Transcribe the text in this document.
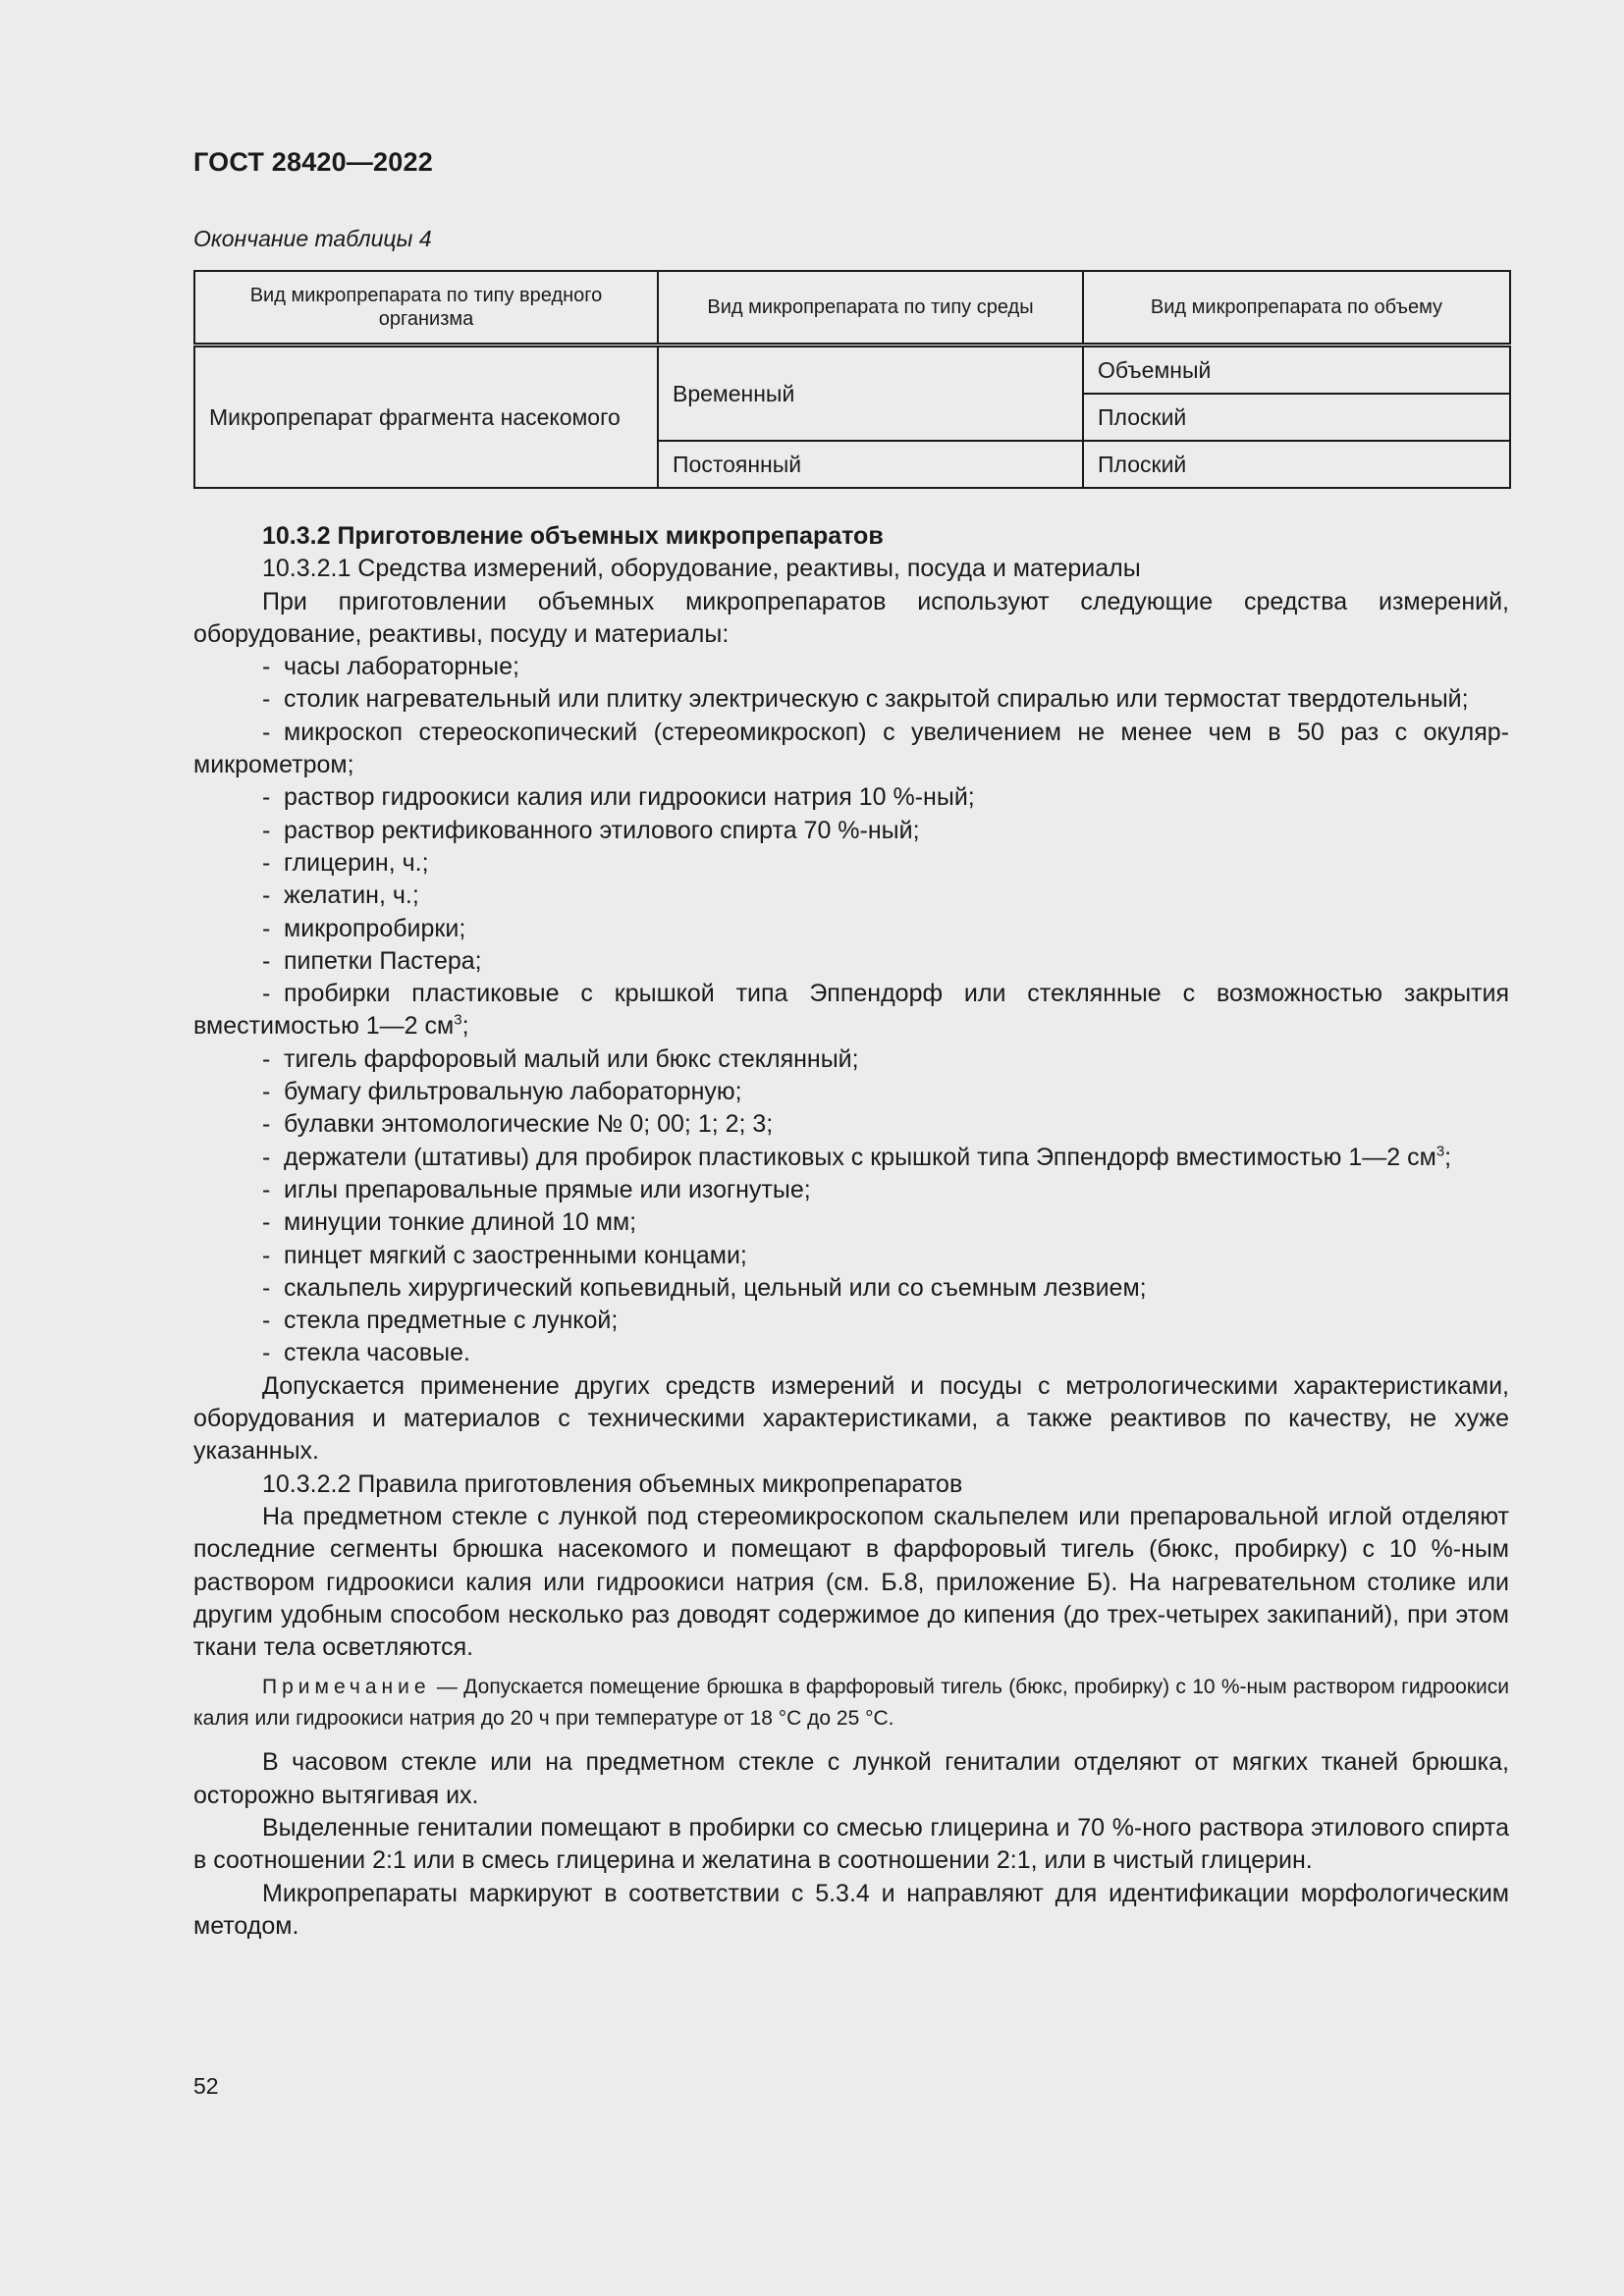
ГОСТ 28420—2022
Окончание таблицы 4
Вид микропрепарата по типу вредного организма	Вид микропрепарата по типу среды	Вид микропрепарата по объему
Микропрепарат фрагмента насекомого	Временный	Объемный
		Плоский
	Постоянный	Плоский

10.3.2 Приготовление объемных микропрепаратов

10.3.2.1 Средства измерений, оборудование, реактивы, посуда и материалы

При приготовлении объемных микропрепаратов используют следующие средства измерений, оборудование, реактивы, посуду и материалы:

- часы лабораторные;

- столик нагревательный или плитку электрическую с закрытой спиралью или термостат твердотельный;

- микроскоп стереоскопический (стереомикроскоп) с увеличением не менее чем в 50 раз с окуляр-микрометром;

- раствор гидроокиси калия или гидроокиси натрия 10 %-ный;

- раствор ректификованного этилового спирта 70 %-ный;

- глицерин, ч.;

- желатин, ч.;

- микропробирки;

- пипетки Пастера;

- пробирки пластиковые с крышкой типа Эппендорф или стеклянные с возможностью закрытия вместимостью 1—2 $см^3$;

- тигель фарфоровый малый или бюкс стеклянный;

- бумагу фильтровальную лабораторную;

- булавки энтомологические № 0; 00; 1; 2; 3;

- держатели (штативы) для пробирок пластиковых с крышкой типа Эппендорф вместимостью 1—2 $см^3$;

- иглы препаровальные прямые или изогнутые;

- минуции тонкие длиной 10 мм;

- пинцет мягкий с заостренными концами;

- скальпель хирургический копьевидный, цельный или со съемным лезвием;

- стекла предметные с лункой;

- стекла часовые.

Допускается применение других средств измерений и посуды с метрологическими характеристиками, оборудования и материалов с техническими характеристиками, а также реактивов по качеству, не хуже указанных.

10.3.2.2 Правила приготовления объемных микропрепаратов

На предметном стекле с лункой под стереомикроскопом скальпелем или препаровальной иглой отделяют последние сегменты брюшка насекомого и помещают в фарфоровый тигель (бюкс, пробирку) с 10 %-ным раствором гидроокиси калия или гидроокиси натрия (см. Б.8, приложение Б). На нагревательном столике или другим удобным способом несколько раз доводят содержимое до кипения (до трех-четырех закипаний), при этом ткани тела осветляются.

Примечание — Допускается помещение брюшка в фарфоровый тигель (бюкс, пробирку) с 10 %-ным раствором гидроокиси калия или гидроокиси натрия до 20 ч при температуре от 18 °С до 25 °С.

В часовом стекле или на предметном стекле с лункой гениталии отделяют от мягких тканей брюшка, осторожно вытягивая их.

Выделенные гениталии помещают в пробирки со смесью глицерина и 70 %-ного раствора этилового спирта в соотношении 2:1 или в смесь глицерина и желатина в соотношении 2:1, или в чистый глицерин.

Микропрепараты маркируют в соответствии с 5.3.4 и направляют для идентификации морфологическим методом.

52
